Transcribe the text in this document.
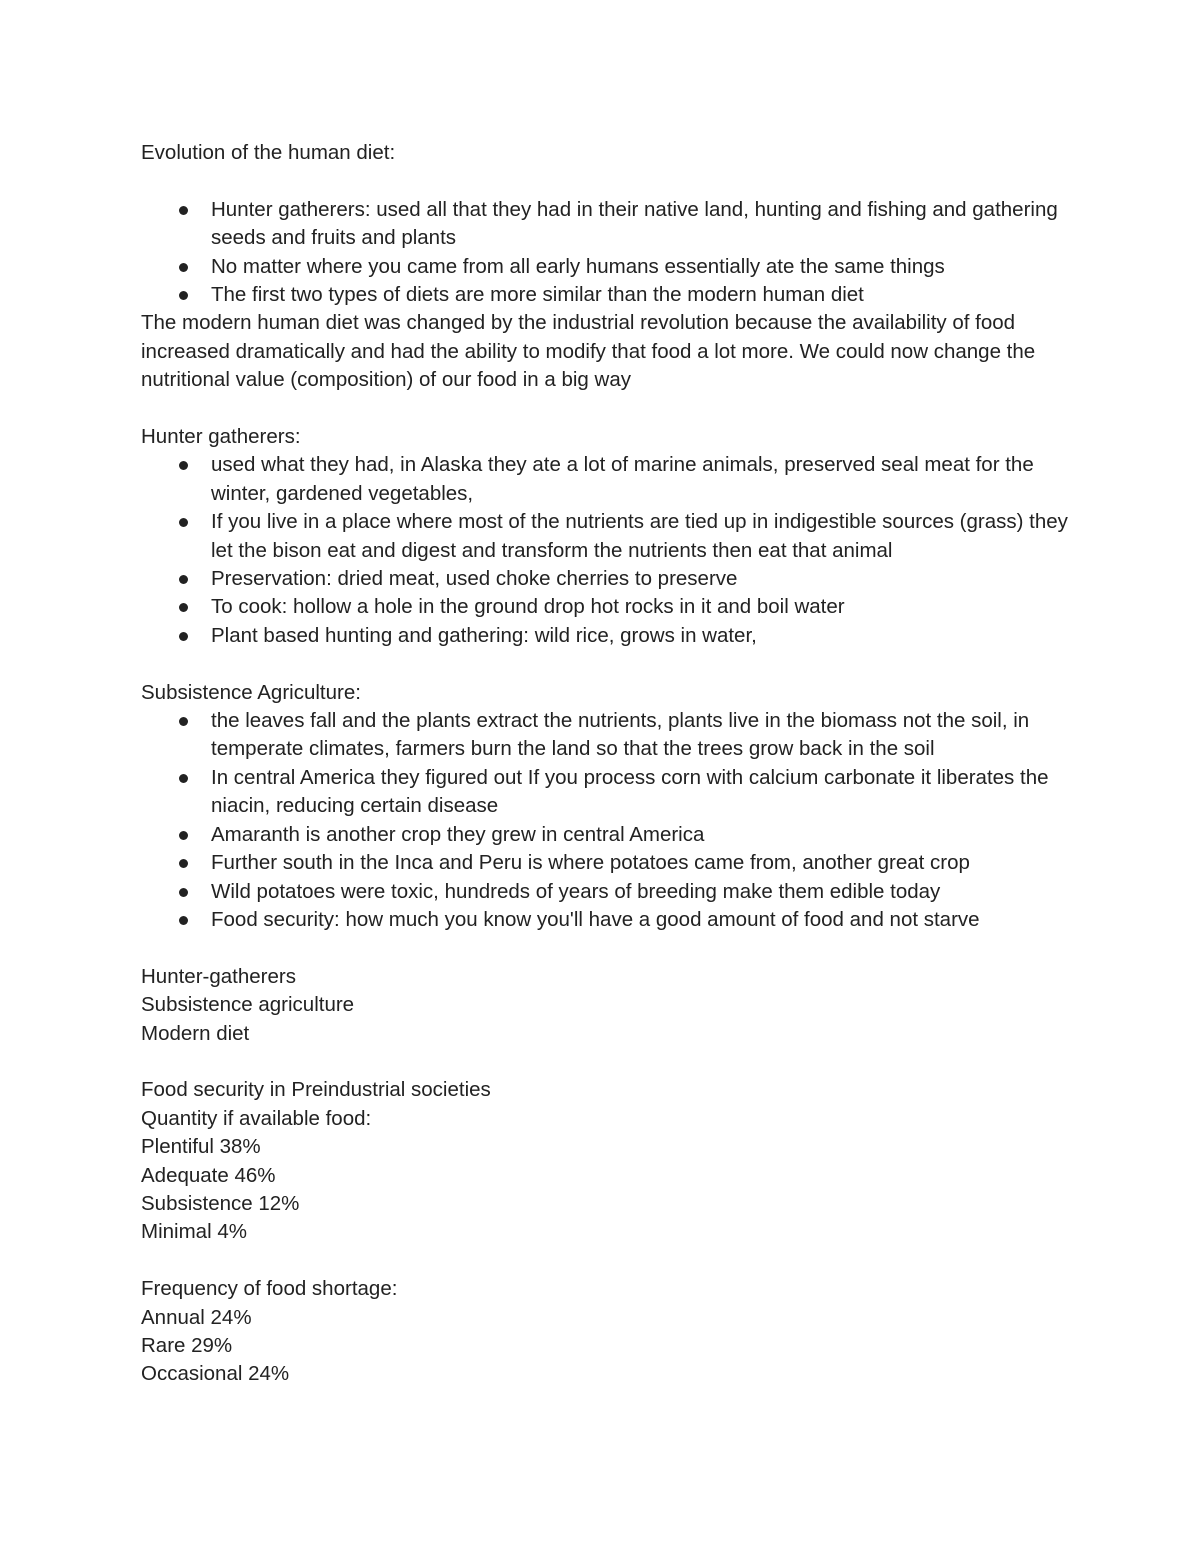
Evolution of the human diet:

Hunter gatherers: used all that they had in their native land, hunting and fishing and gathering seeds and fruits and plants
No matter where you came from all early humans essentially ate the same things
The first two types of diets are more similar than the modern human diet

The modern human diet was changed by the industrial revolution because the availability of food increased dramatically and had the ability to modify that food a lot more. We could now change the nutritional value (composition) of our food in a big way

Hunter gatherers:

used what they had, in Alaska they ate a lot of marine animals, preserved seal meat for the winter, gardened vegetables,
If you live in a place where most of the nutrients are tied up in indigestible sources (grass) they let the bison eat and digest and transform the nutrients then eat that animal
Preservation: dried meat, used choke cherries to preserve
To cook: hollow a hole in the ground drop hot rocks in it and boil water
Plant based hunting and gathering: wild rice, grows in water,

Subsistence Agriculture:

the leaves fall and the plants extract the nutrients, plants live in the biomass not the soil, in temperate climates, farmers burn the land so that the trees grow back in the soil
In central America they figured out If you process corn with calcium carbonate it liberates the niacin, reducing certain disease
Amaranth is another crop they grew in central America
Further south in the Inca and Peru is where potatoes came from, another great crop
Wild potatoes were toxic, hundreds of years of breeding make them edible today
Food security: how much you know you'll have a good amount of food and not starve

Hunter-gatherers

Subsistence agriculture

Modern diet

Food security in Preindustrial societies

Quantity if available food:

Plentiful 38%

Adequate 46%

Subsistence 12%

Minimal 4%

Frequency of food shortage:

Annual 24%

Rare 29%

Occasional 24%
